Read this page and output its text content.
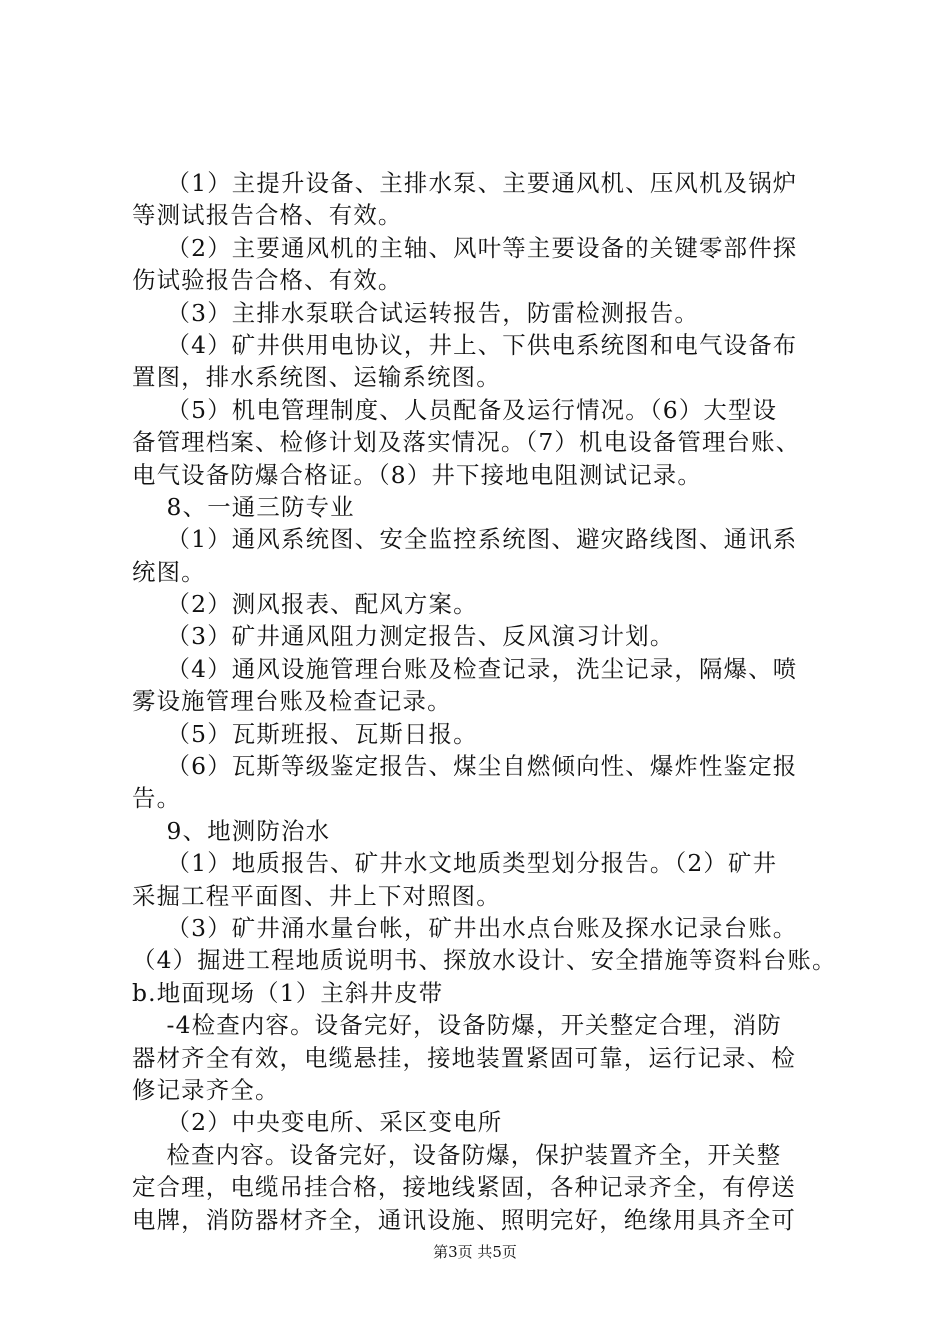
（1）主提升设备、主排水泵、主要通风机、压风机及锅炉
等测试报告合格、有效。
（2）主要通风机的主轴、风叶等主要设备的关键零部件探
伤试验报告合格、有效。
（3）主排水泵联合试运转报告，防雷检测报告。
（4）矿井供用电协议，井上、下供电系统图和电气设备布
置图，排水系统图、运输系统图。
（5）机电管理制度、人员配备及运行情况。（6）大型设
备管理档案、检修计划及落实情况。（7）机电设备管理台账、
电气设备防爆合格证。（8）井下接地电阻测试记录。
8、一通三防专业
（1）通风系统图、安全监控系统图、避灾路线图、通讯系
统图。
（2）测风报表、配风方案。
（3）矿井通风阻力测定报告、反风演习计划。
（4）通风设施管理台账及检查记录，洗尘记录，隔爆、喷
雾设施管理台账及检查记录。
（5）瓦斯班报、瓦斯日报。
（6）瓦斯等级鉴定报告、煤尘自燃倾向性、爆炸性鉴定报
告。
9、地测防治水
（1）地质报告、矿井水文地质类型划分报告。（2）矿井
采掘工程平面图、井上下对照图。
（3）矿井涌水量台帐，矿井出水点台账及探水记录台账。
（4）掘进工程地质说明书、探放水设计、安全措施等资料台账。
b.地面现场（1）主斜井皮带
-4检查内容。设备完好，设备防爆，开关整定合理，消防
器材齐全有效，电缆悬挂，接地装置紧固可靠，运行记录、检
修记录齐全。
（2）中央变电所、采区变电所
检查内容。设备完好，设备防爆，保护装置齐全，开关整
定合理，电缆吊挂合格，接地线紧固，各种记录齐全，有停送
电牌，消防器材齐全，通讯设施、照明完好，绝缘用具齐全可
第3页 共5页
